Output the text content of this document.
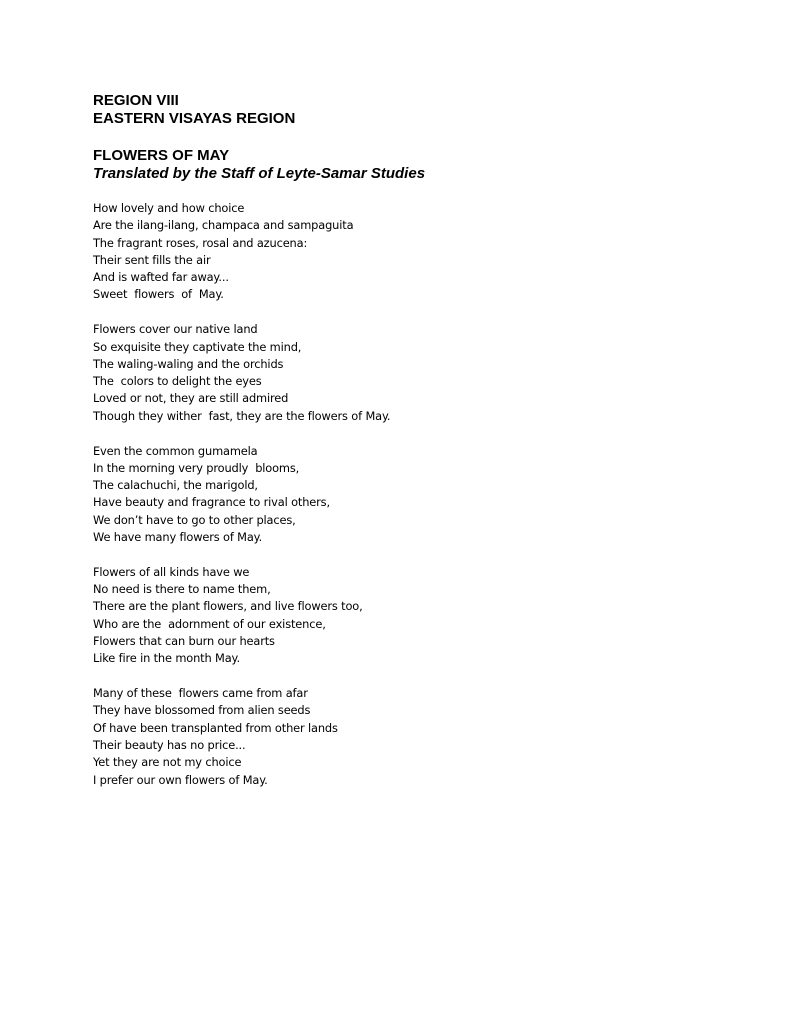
REGION VIII
EASTERN VISAYAS REGION
FLOWERS OF MAY
Translated by the Staff of Leyte-Samar Studies
How lovely and how choice
Are the ilang-ilang, champaca and sampaguita
The fragrant roses, rosal and azucena:
Their sent fills the air
And is wafted far away...
Sweet  flowers  of  May.
Flowers cover our native land
So exquisite they captivate the mind,
The waling-waling and the orchids
The  colors to delight the eyes
Loved or not, they are still admired
Though they wither  fast, they are the flowers of May.
Even the common gumamela
In the morning very proudly  blooms,
The calachuchi, the marigold,
Have beauty and fragrance to rival others,
We don’t have to go to other places,
We have many flowers of May.
Flowers of all kinds have we
No need is there to name them,
There are the plant flowers, and live flowers too,
Who are the  adornment of our existence,
Flowers that can burn our hearts
Like fire in the month May.
Many of these  flowers came from afar
They have blossomed from alien seeds
Of have been transplanted from other lands
Their beauty has no price...
Yet they are not my choice
I prefer our own flowers of May.
